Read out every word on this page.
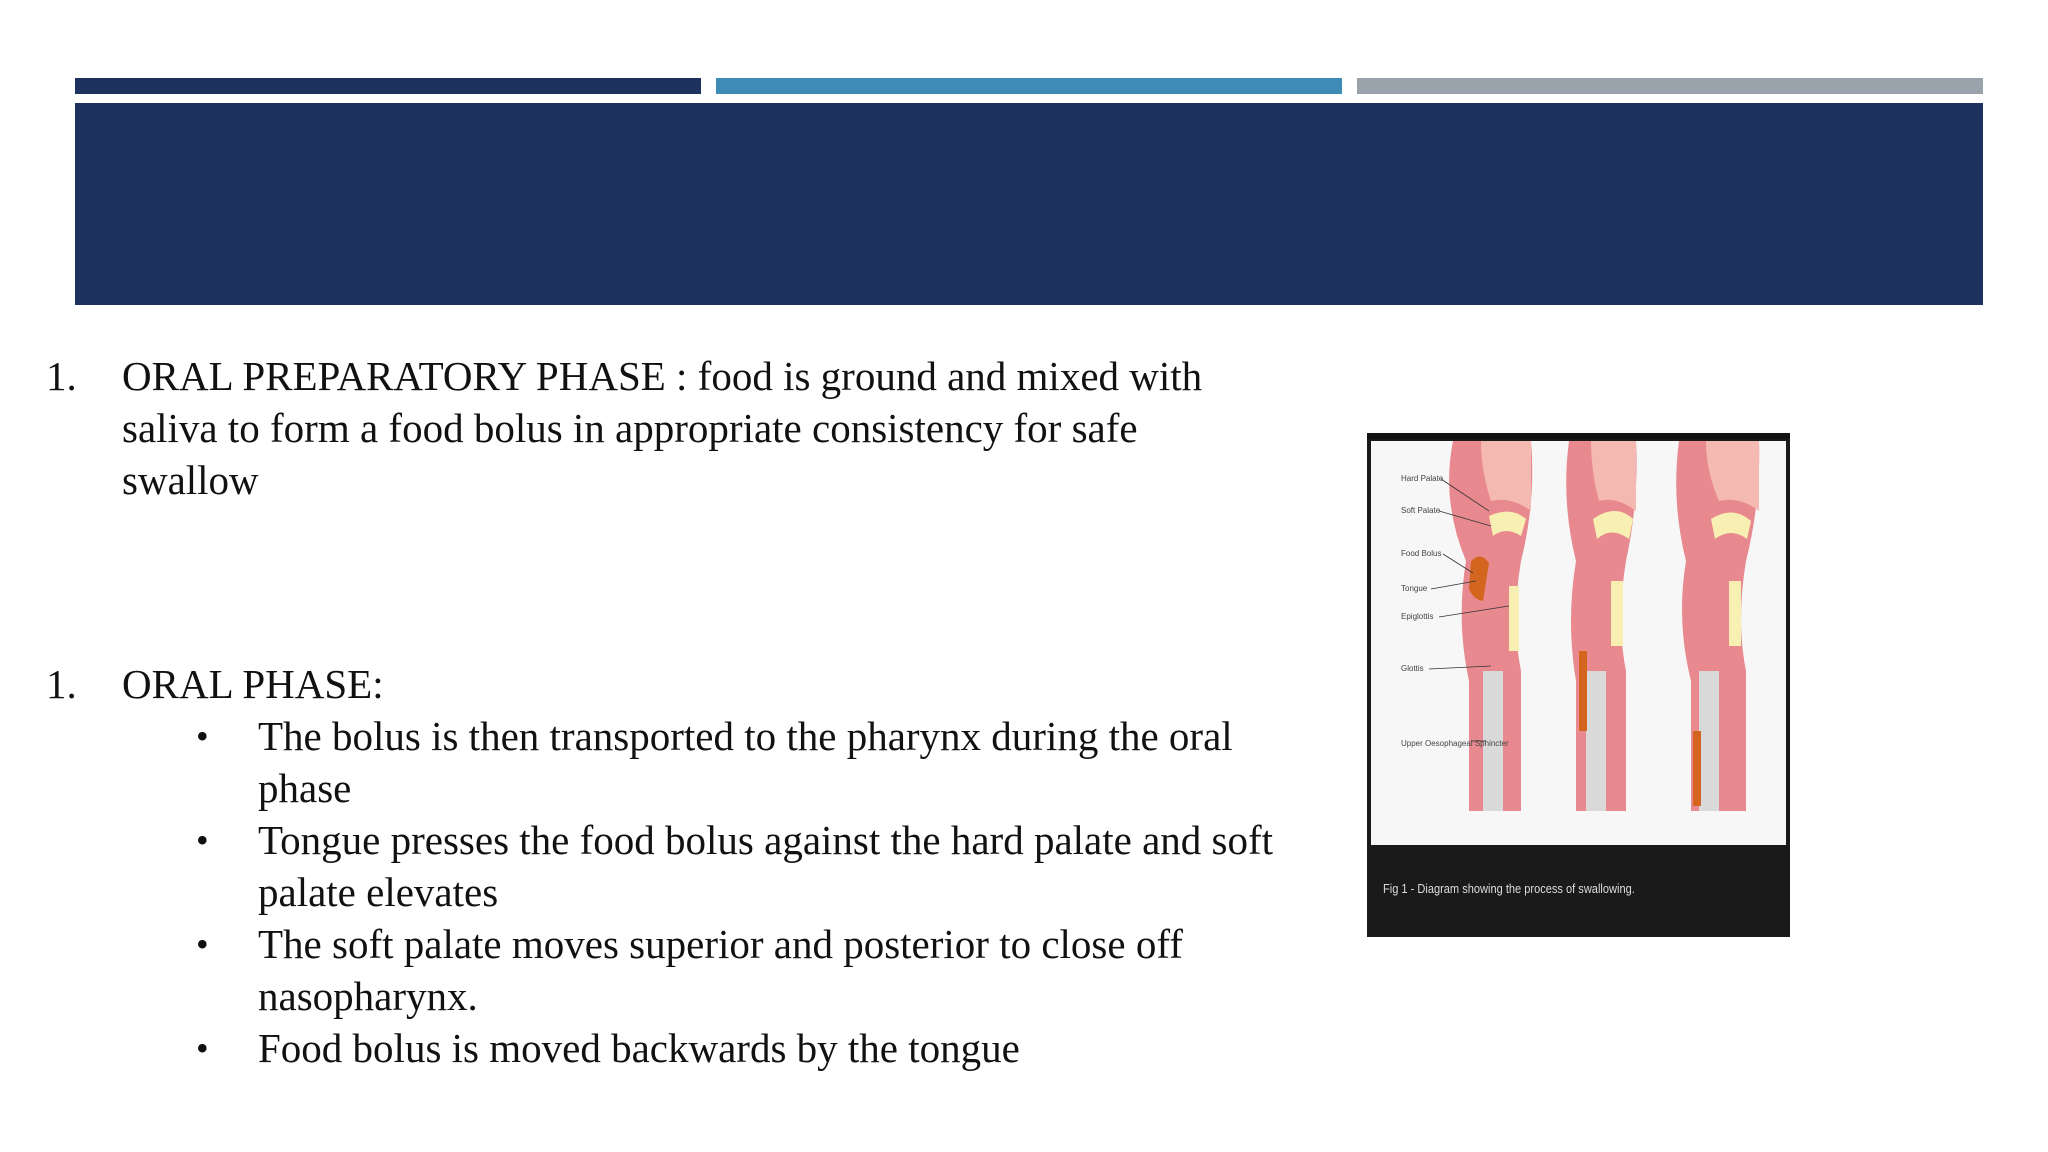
1. ORAL PREPARATORY PHASE : food is ground and mixed with saliva to form a food bolus in appropriate consistency for safe swallow
1. ORAL PHASE:
•	The bolus is then transported to the pharynx during the oral phase
•	Tongue presses the food bolus against the hard palate and soft palate elevates
•	The soft palate moves superior and posterior to close off nasopharynx.
•	Food bolus is moved backwards by the tongue
Hard Palate
Soft Palate
Food Bolus
Tongue
Epiglottis
Glottis
Upper Oesophageal Sphincter
Fig 1 - Diagram showing the process of swallowing.
